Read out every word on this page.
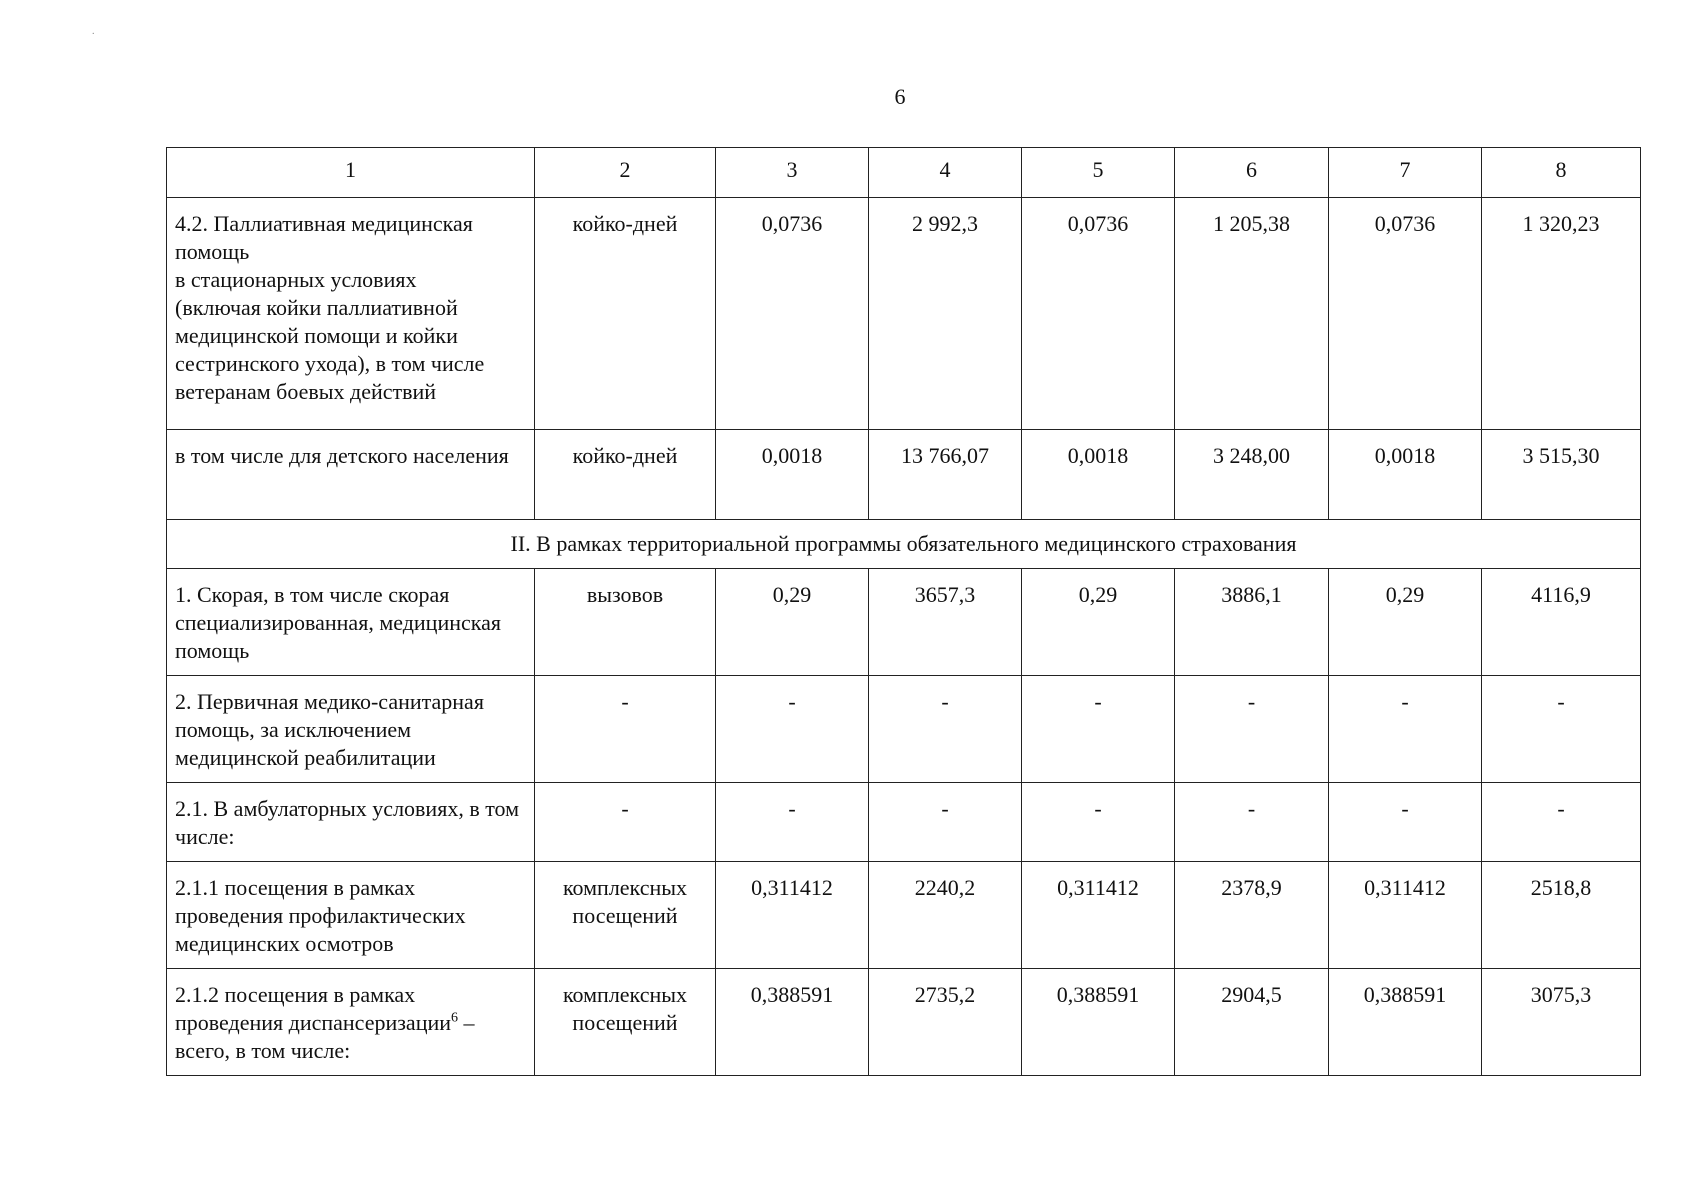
.
6
1	2	3	4	5	6	7	8
4.2. Паллиативная медицинская помощь
в стационарных условиях
(включая койки паллиативной медицинской помощи и койки сестринского ухода), в том числе ветеранам боевых действий	койко-дней	0,0736	2 992,3	0,0736	1 205,38	0,0736	1 320,23
в том числе для детского населения	койко-дней	0,0018	13 766,07	0,0018	3 248,00	0,0018	3 515,30
II. В рамках территориальной программы обязательного медицинского страхования							
1. Скорая, в том числе скорая специализированная, медицинская помощь	вызовов	0,29	3657,3	0,29	3886,1	0,29	4116,9
2. Первичная медико-санитарная помощь, за исключением медицинской реабилитации	-	-	-	-	-	-	-
2.1. В амбулаторных условиях, в том числе:	-	-	-	-	-	-	-
2.1.1 посещения в рамках проведения профилактических медицинских осмотров	комплексных посещений	0,311412	2240,2	0,311412	2378,9	0,311412	2518,8
2.1.2 посещения в рамках проведения диспансеризации$^6$ – всего, в том числе:	комплексных посещений	0,388591	2735,2	0,388591	2904,5	0,388591	3075,3
